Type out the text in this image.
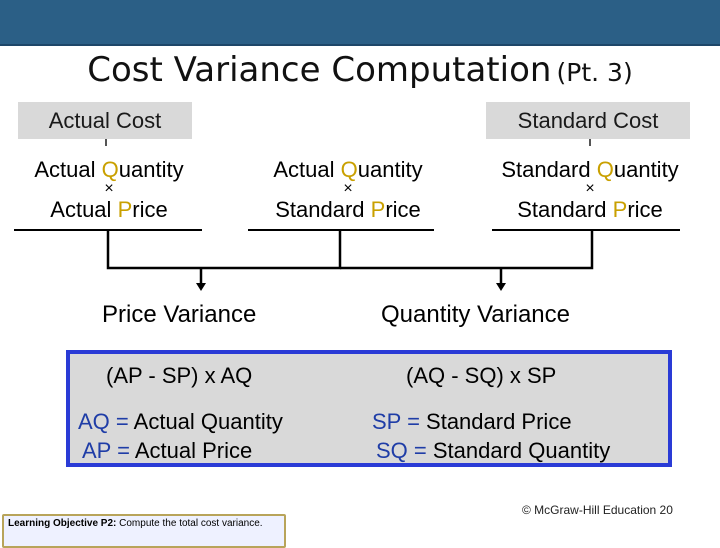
Cost Variance Computation (Pt. 3)
Actual Cost	Standard Cost
Actual Quantity
×
Actual Price
Actual Quantity
×
Standard Price
Standard Quantity
×
Standard Price
Price Variance	Quantity Variance
(AP - SP) x AQ	(AQ - SQ) x SP
AQ = Actual Quantity
AP = Actual Price
SP = Standard Price
SQ = Standard Quantity
© McGraw-Hill Education 20
Learning Objective P2: Compute the total cost variance.
